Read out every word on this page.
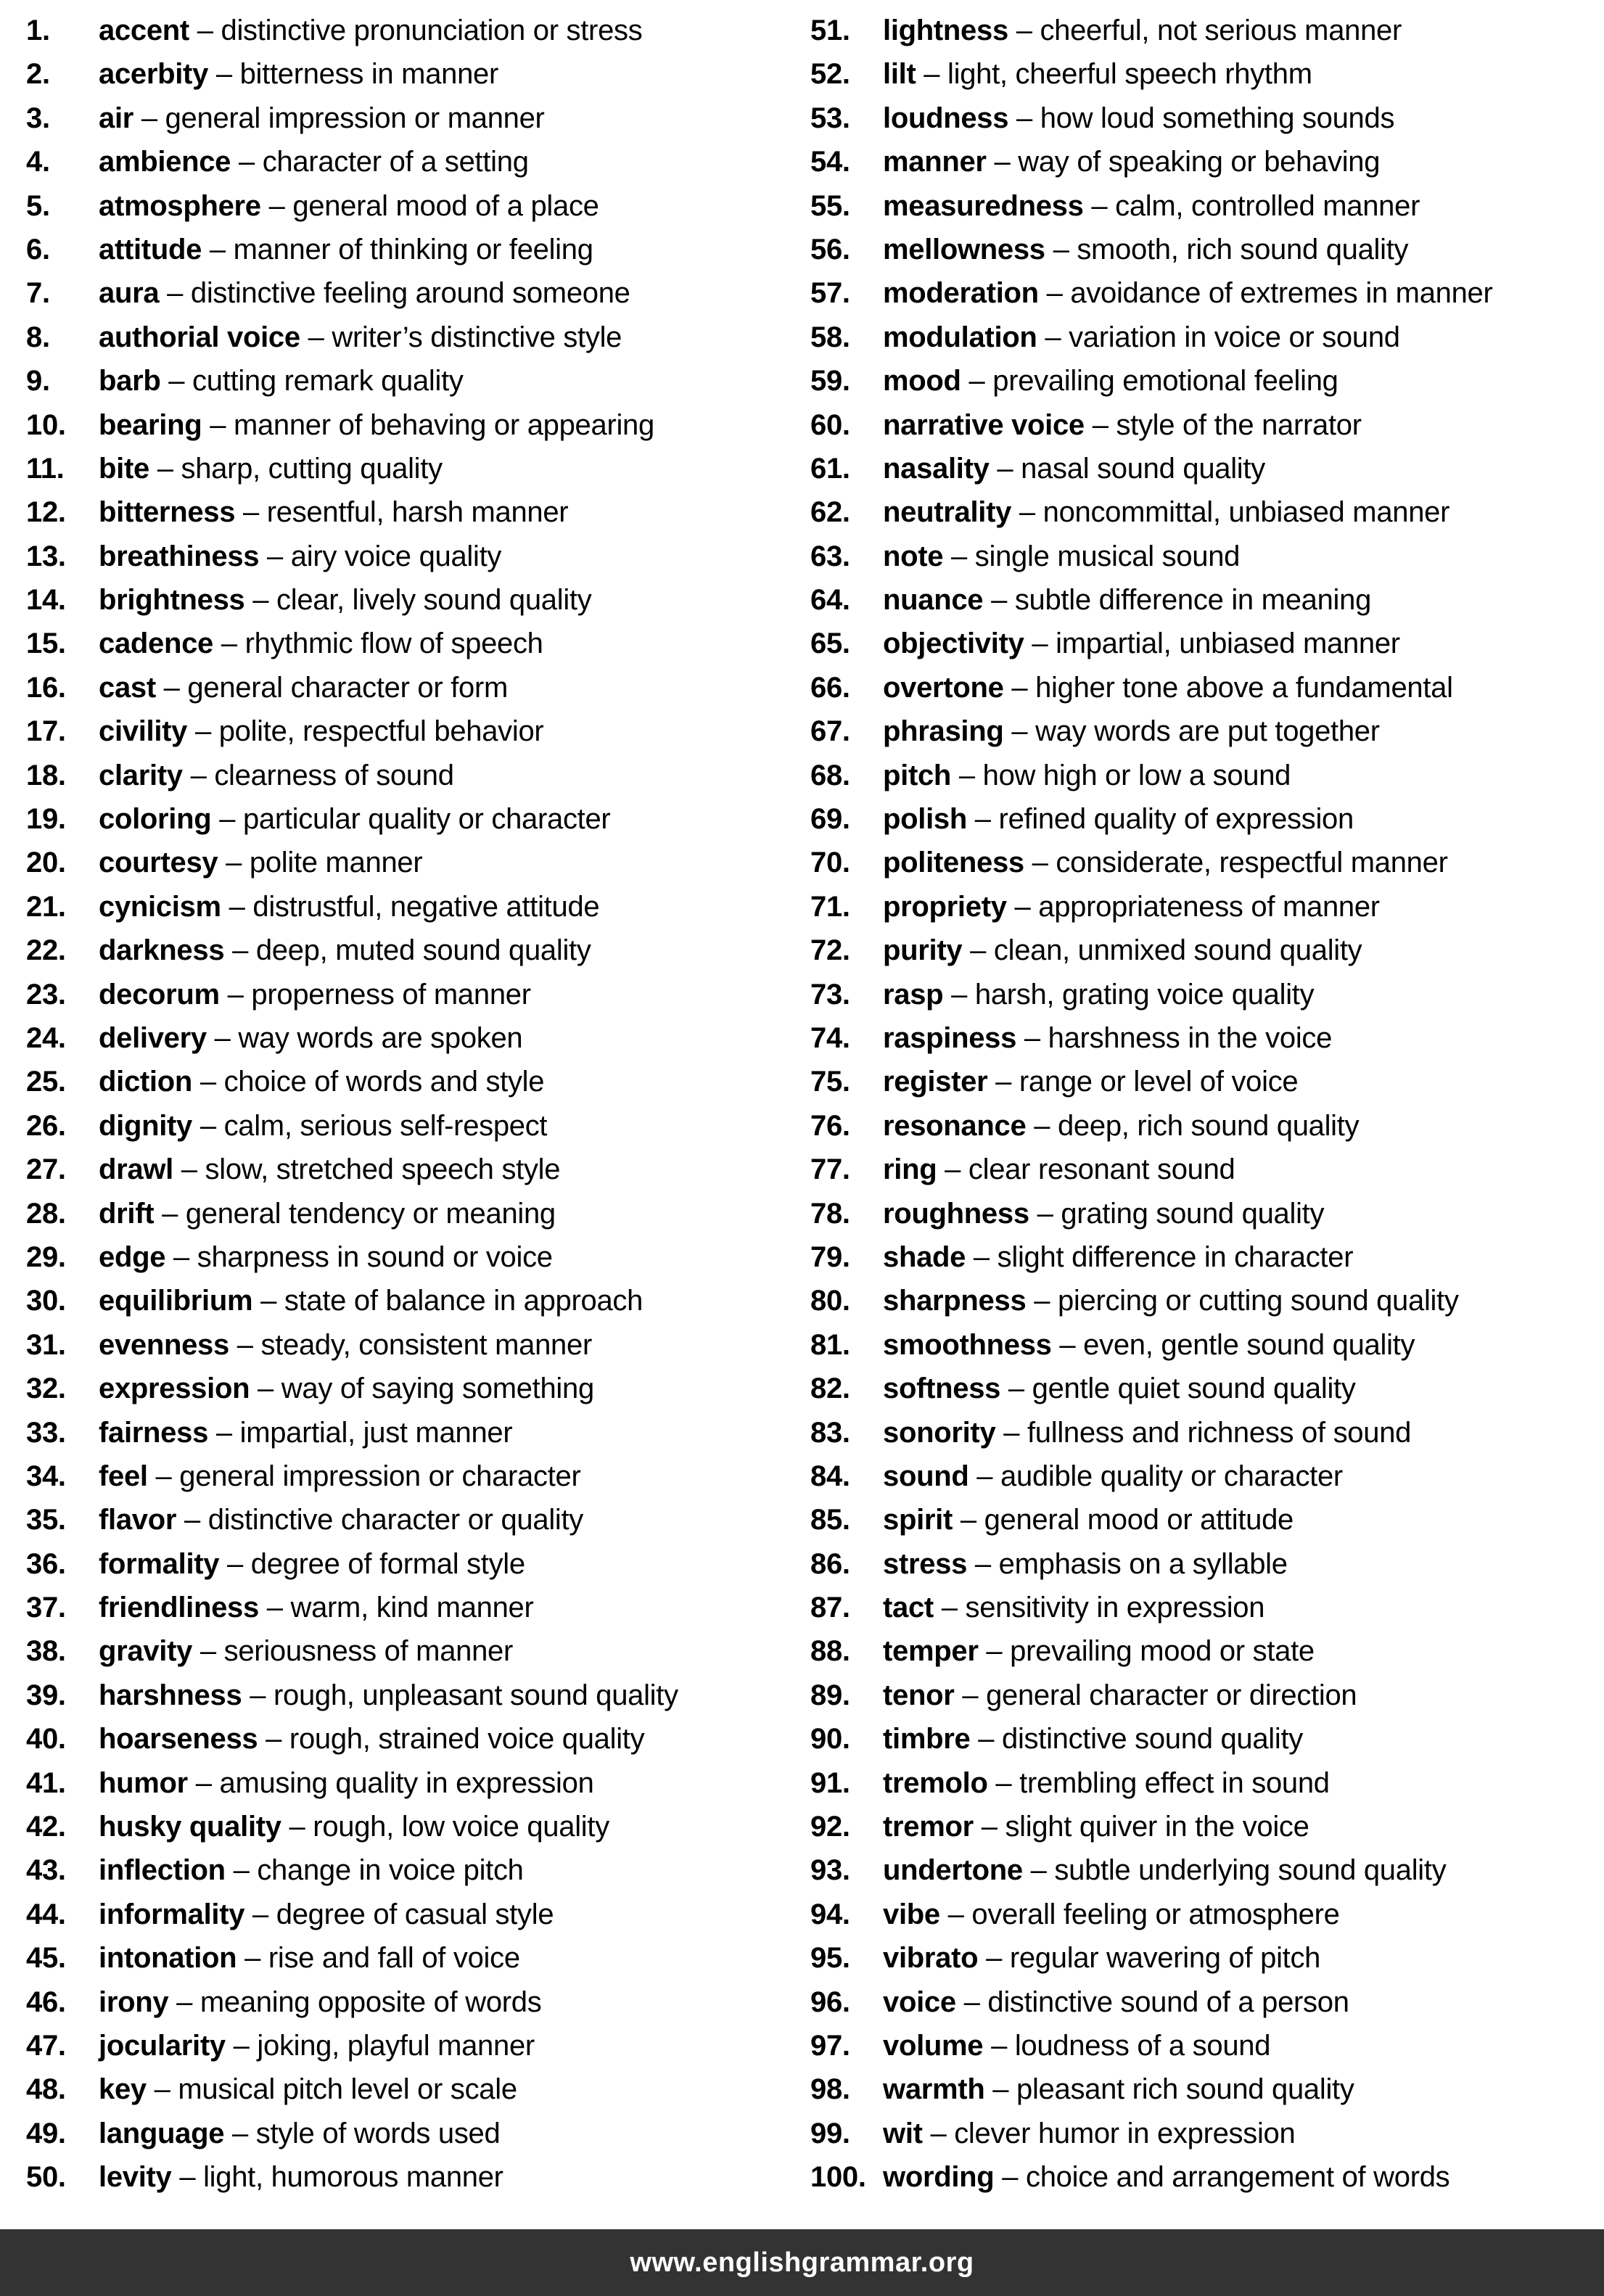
1.	accent – distinctive pronunciation or stress
2.	acerbity – bitterness in manner
3.	air – general impression or manner
4.	ambience – character of a setting
5.	atmosphere – general mood of a place
6.	attitude – manner of thinking or feeling
7.	aura – distinctive feeling around someone
8.	authorial voice – writer’s distinctive style
9.	barb – cutting remark quality
10.	bearing – manner of behaving or appearing
11.	bite – sharp, cutting quality
12.	bitterness – resentful, harsh manner
13.	breathiness – airy voice quality
14.	brightness – clear, lively sound quality
15.	cadence – rhythmic flow of speech
16.	cast – general character or form
17.	civility – polite, respectful behavior
18.	clarity – clearness of sound
19.	coloring – particular quality or character
20.	courtesy – polite manner
21.	cynicism – distrustful, negative attitude
22.	darkness – deep, muted sound quality
23.	decorum – properness of manner
24.	delivery – way words are spoken
25.	diction – choice of words and style
26.	dignity – calm, serious self-respect
27.	drawl – slow, stretched speech style
28.	drift – general tendency or meaning
29.	edge – sharpness in sound or voice
30.	equilibrium – state of balance in approach
31.	evenness – steady, consistent manner
32.	expression – way of saying something
33.	fairness – impartial, just manner
34.	feel – general impression or character
35.	flavor – distinctive character or quality
36.	formality – degree of formal style
37.	friendliness – warm, kind manner
38.	gravity – seriousness of manner
39.	harshness – rough, unpleasant sound quality
40.	hoarseness – rough, strained voice quality
41.	humor – amusing quality in expression
42.	husky quality – rough, low voice quality
43.	inflection – change in voice pitch
44.	informality – degree of casual style
45.	intonation – rise and fall of voice
46.	irony – meaning opposite of words
47.	jocularity – joking, playful manner
48.	key – musical pitch level or scale
49.	language – style of words used
50.	levity – light, humorous manner
51.	lightness – cheerful, not serious manner
52.	lilt – light, cheerful speech rhythm
53.	loudness – how loud something sounds
54.	manner – way of speaking or behaving
55.	measuredness – calm, controlled manner
56.	mellowness – smooth, rich sound quality
57.	moderation – avoidance of extremes in manner
58.	modulation – variation in voice or sound
59.	mood – prevailing emotional feeling
60.	narrative voice – style of the narrator
61.	nasality – nasal sound quality
62.	neutrality – noncommittal, unbiased manner
63.	note – single musical sound
64.	nuance – subtle difference in meaning
65.	objectivity – impartial, unbiased manner
66.	overtone – higher tone above a fundamental
67.	phrasing – way words are put together
68.	pitch – how high or low a sound
69.	polish – refined quality of expression
70.	politeness – considerate, respectful manner
71.	propriety – appropriateness of manner
72.	purity – clean, unmixed sound quality
73.	rasp – harsh, grating voice quality
74.	raspiness – harshness in the voice
75.	register – range or level of voice
76.	resonance – deep, rich sound quality
77.	ring – clear resonant sound
78.	roughness – grating sound quality
79.	shade – slight difference in character
80.	sharpness – piercing or cutting sound quality
81.	smoothness – even, gentle sound quality
82.	softness – gentle quiet sound quality
83.	sonority – fullness and richness of sound
84.	sound – audible quality or character
85.	spirit – general mood or attitude
86.	stress – emphasis on a syllable
87.	tact – sensitivity in expression
88.	temper – prevailing mood or state
89.	tenor – general character or direction
90.	timbre – distinctive sound quality
91.	tremolo – trembling effect in sound
92.	tremor – slight quiver in the voice
93.	undertone – subtle underlying sound quality
94.	vibe – overall feeling or atmosphere
95.	vibrato – regular wavering of pitch
96.	voice – distinctive sound of a person
97.	volume – loudness of a sound
98.	warmth – pleasant rich sound quality
99.	wit – clever humor in expression
100. wording – choice and arrangement of words
www.englishgrammar.org
